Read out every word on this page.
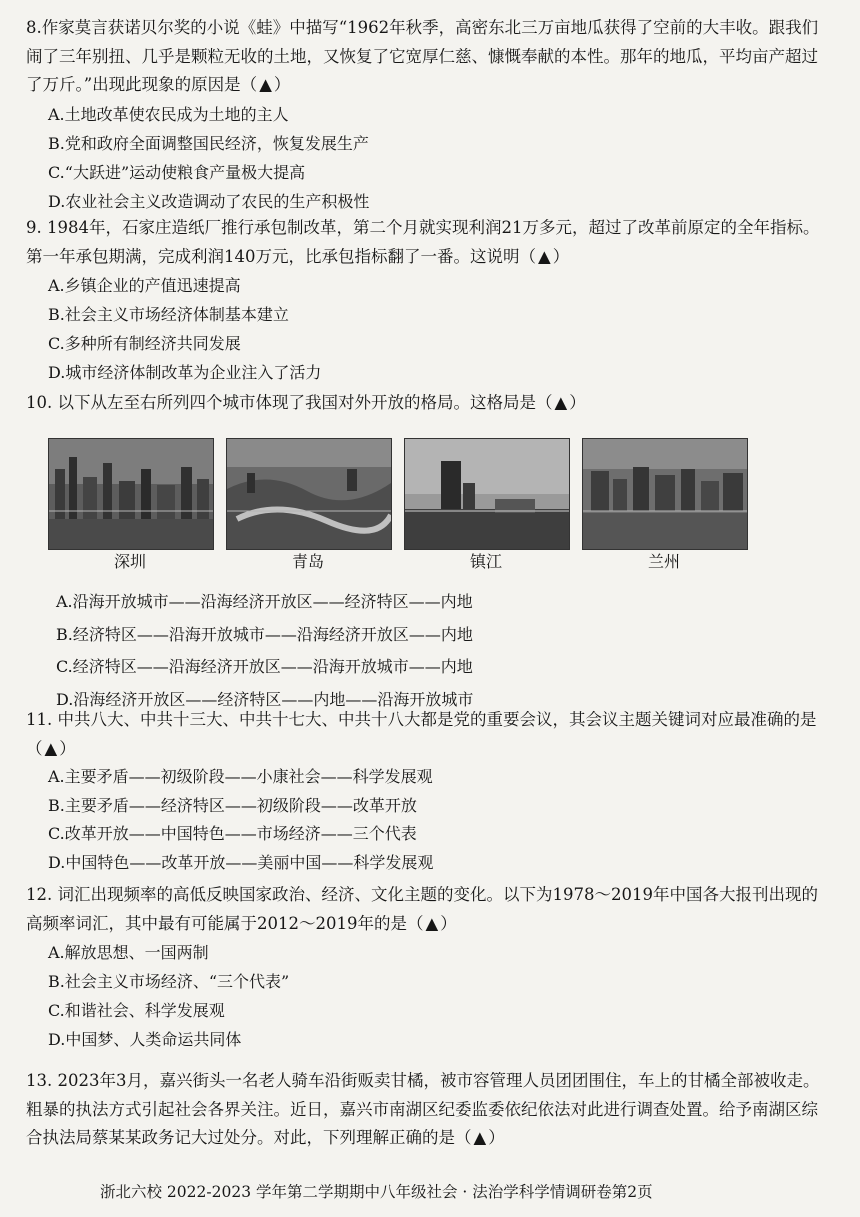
8.作家莫言获诺贝尔奖的小说《蛙》中描写“1962年秋季，高密东北三万亩地瓜获得了空前的大丰收。跟我们闹了三年别扭、几乎是颗粒无收的土地，又恢复了它宽厚仁慈、慷慨奉献的本性。那年的地瓜，平均亩产超过了万斤。”出现此现象的原因是（ ▲ ）

A.土地改革使农民成为土地的主人

B.党和政府全面调整国民经济，恢复发展生产

C.“大跃进”运动使粮食产量极大提高

D.农业社会主义改造调动了农民的生产积极性

9. 1984年，石家庄造纸厂推行承包制改革，第二个月就实现利润21万多元，超过了改革前原定的全年指标。第一年承包期满，完成利润140万元，比承包指标翻了一番。这说明（ ▲ ）

A.乡镇企业的产值迅速提高

B.社会主义市场经济体制基本建立

C.多种所有制经济共同发展

D.城市经济体制改革为企业注入了活力

10. 以下从左至右所列四个城市体现了我国对外开放的格局。这格局是（ ▲ ）

深圳	青岛	镇江	兰州

A.沿海开放城市——沿海经济开放区——经济特区——内地

B.经济特区——沿海开放城市——沿海经济开放区——内地

C.经济特区——沿海经济开放区——沿海开放城市——内地

D.沿海经济开放区——经济特区——内地——沿海开放城市

11. 中共八大、中共十三大、中共十七大、中共十八大都是党的重要会议，其会议主题关键词对应最准确的是（ ▲ ）

A.主要矛盾——初级阶段——小康社会——科学发展观

B.主要矛盾——经济特区——初级阶段——改革开放

C.改革开放——中国特色——市场经济——三个代表

D.中国特色——改革开放——美丽中国——科学发展观

12. 词汇出现频率的高低反映国家政治、经济、文化主题的变化。以下为1978～2019年中国各大报刊出现的高频率词汇，其中最有可能属于2012～2019年的是（ ▲ ）

A.解放思想、一国两制

B.社会主义市场经济、“三个代表”

C.和谐社会、科学发展观

D.中国梦、人类命运共同体

13. 2023年3月，嘉兴街头一名老人骑车沿街贩卖甘橘，被市容管理人员团团围住，车上的甘橘全部被收走。粗暴的执法方式引起社会各界关注。近日，嘉兴市南湖区纪委监委依纪依法对此进行调查处置。给予南湖区综合执法局蔡某某政务记大过处分。对此，下列理解正确的是（ ▲ ）

浙北六校 2022-2023 学年第二学期期中八年级社会 · 法治学科学情调研卷第2页
